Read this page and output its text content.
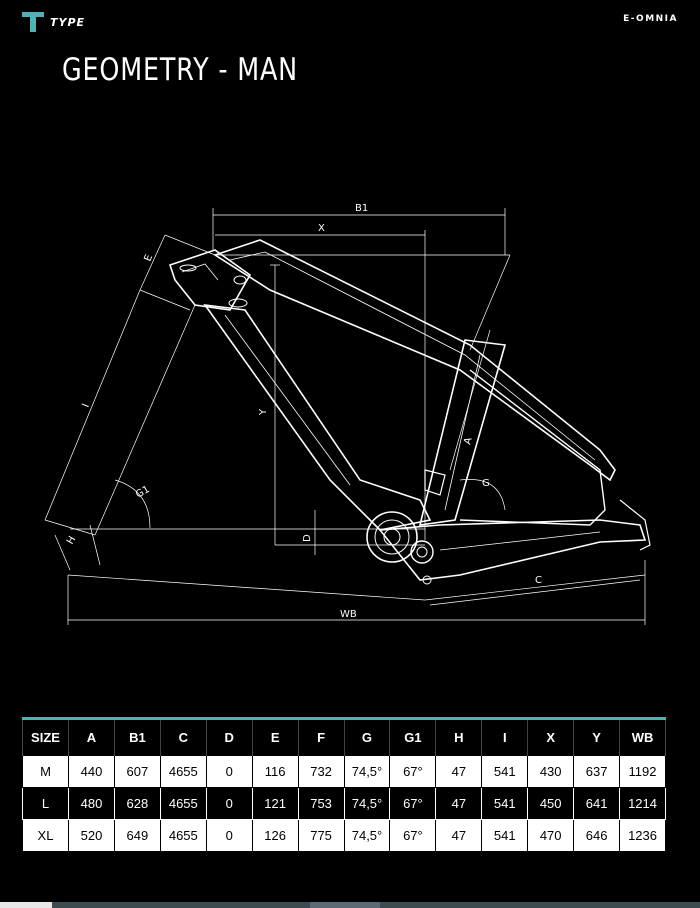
TYPE	E-OMNIA
GEOMETRY - MAN
B1
X
E
I
Y
A
G
G1
H	D
C
WB
SIZE	A	B1	C	D	E	F	G	G1	H	I	X	Y	WB
M	440	607	4655	0	116	732	74,5°	67°	47	541	430	637	1192
L	480	628	4655	0	121	753	74,5°	67°	47	541	450	641	1214
XL	520	649	4655	0	126	775	74,5°	67°	47	541	470	646	1236
